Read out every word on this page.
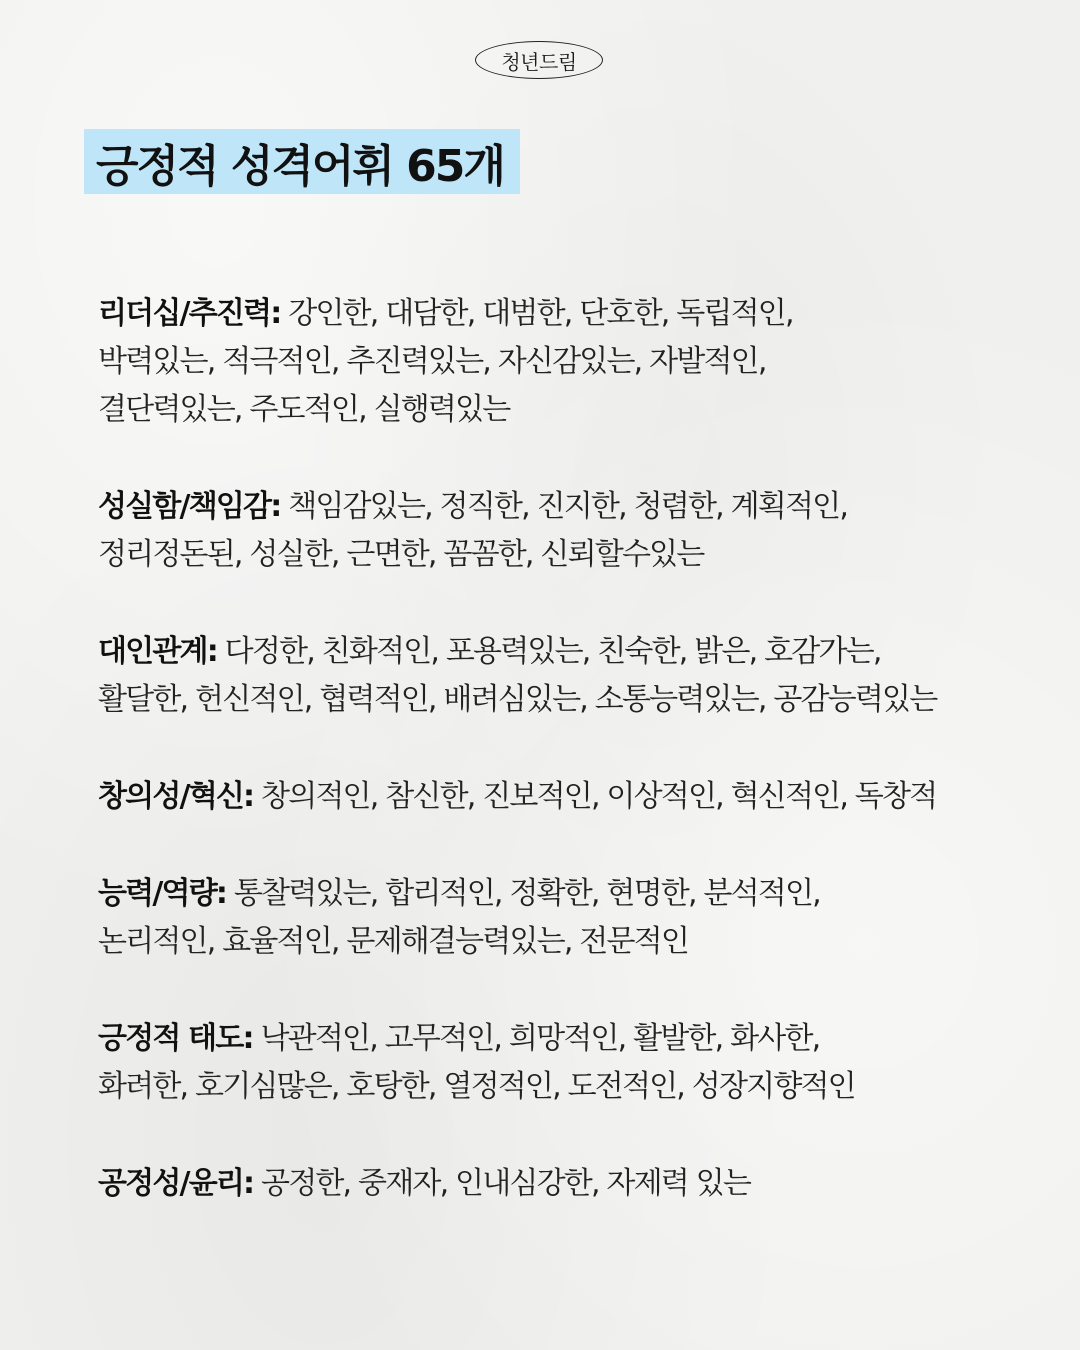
청년드림
긍정적 성격어휘 65개
리더십/추진력: 강인한, 대담한, 대범한, 단호한, 독립적인,
박력있는, 적극적인, 추진력있는, 자신감있는, 자발적인,
결단력있는, 주도적인, 실행력있는
성실함/책임감: 책임감있는, 정직한, 진지한, 청렴한, 계획적인,
정리정돈된, 성실한, 근면한, 꼼꼼한, 신뢰할수있는
대인관계: 다정한, 친화적인, 포용력있는, 친숙한, 밝은, 호감가는,
활달한, 헌신적인, 협력적인, 배려심있는, 소통능력있는, 공감능력있는
창의성/혁신: 창의적인, 참신한, 진보적인, 이상적인, 혁신적인, 독창적
능력/역량: 통찰력있는, 합리적인, 정확한, 현명한, 분석적인,
논리적인, 효율적인, 문제해결능력있는, 전문적인
긍정적 태도: 낙관적인, 고무적인, 희망적인, 활발한, 화사한,
화려한, 호기심많은, 호탕한, 열정적인, 도전적인, 성장지향적인
공정성/윤리: 공정한, 중재자, 인내심강한, 자제력 있는
